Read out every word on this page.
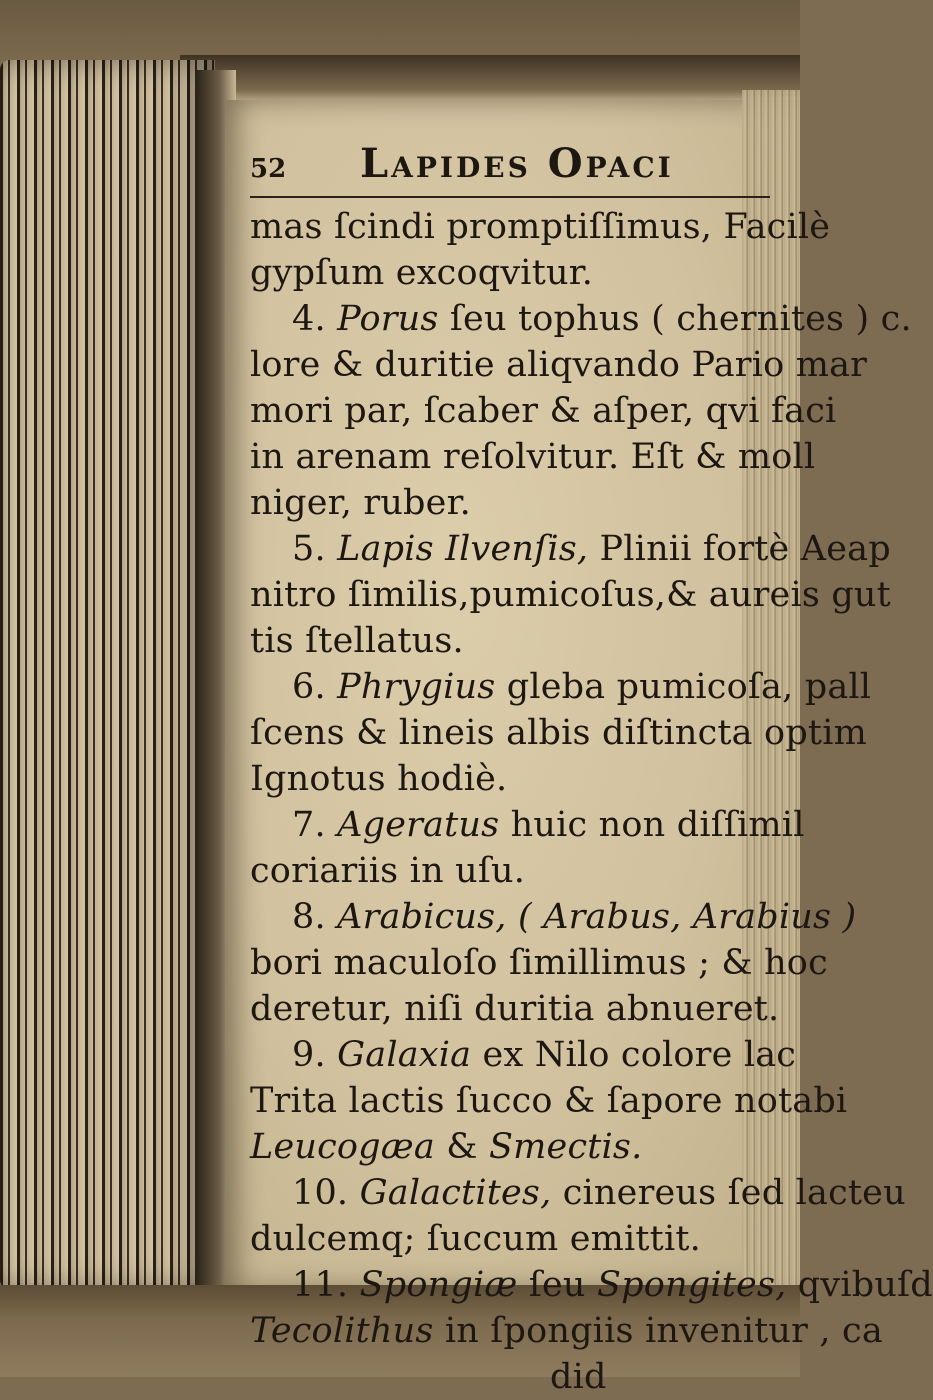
52	Lapides Opaci
mas ſcindi promptiſſimus, Facilè
gypſum excoqvitur.
4. Porus ſeu tophus ( chernites ) c.
lore & duritie aliqvando Pario mar
mori par, ſcaber & aſper, qvi faci
in arenam reſolvitur. Eſt & moll
niger, ruber.
5. Lapis Ilvenſis, Plinii fortè Aeap
nitro ſimilis,pumicoſus,& aureis gut
tis ſtellatus.
6. Phrygius gleba pumicoſa, pall
ſcens & lineis albis diſtinctа optim
Ignotus hodiè.
7. Ageratus huic non diſſimil
coriariis in uſu.
8. Arabicus, ( Arabus, Arabius )
bori maculoſo ſimillimus ; & hoc
deretur, niſi duritia abnueret.
9. Galaxia ex Nilo colore lac
Trita lactis ſucco & ſapore notabi
Leucogæa & Smectis.
10. Galactites, cinereus ſed lacteu
dulcemq; ſuccum emittit.
11. Spongiæ ſeu Spongites, qvibuſd
Tecolithus in ſpongiis invenitur , ca
did
